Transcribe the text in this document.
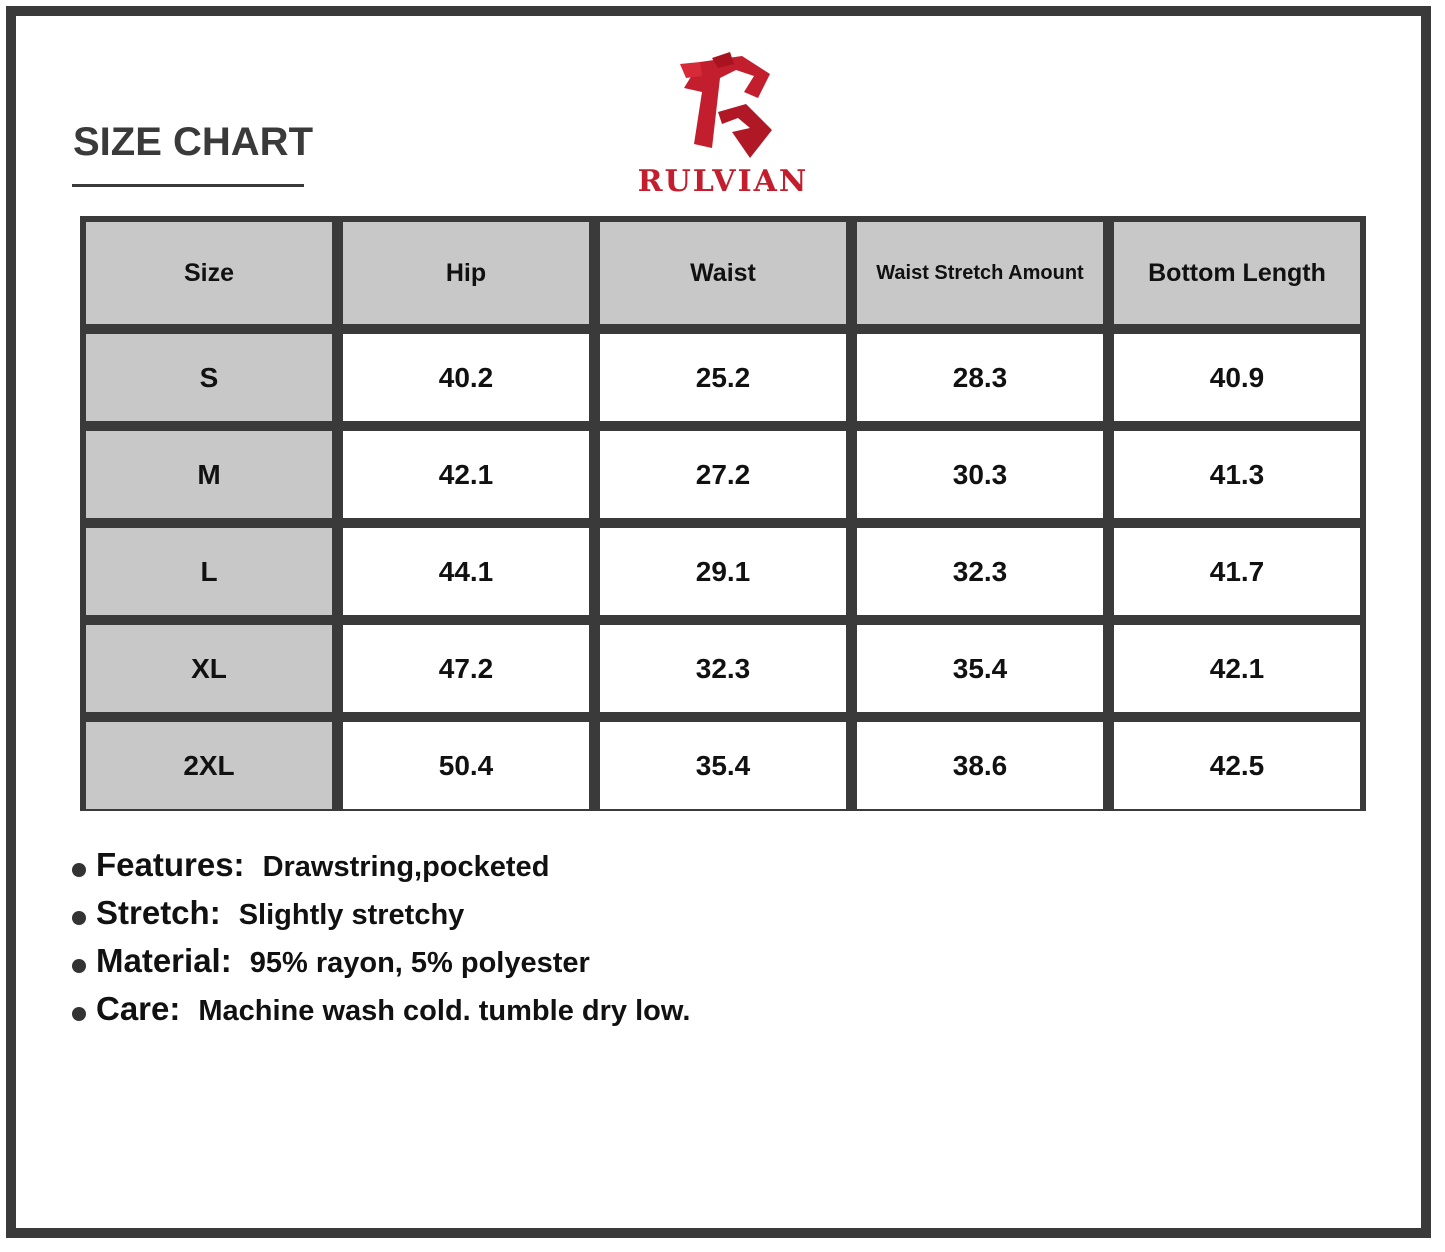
SIZE CHART
RULVIAN
Size	Hip	Waist	Waist Stretch Amount	Bottom Length
S	40.2	25.2	28.3	40.9
M	42.1	27.2	30.3	41.3
L	44.1	29.1	32.3	41.7
XL	47.2	32.3	35.4	42.1
2XL	50.4	35.4	38.6	42.5
Features: Drawstring,pocketed
Stretch: Slightly stretchy
Material: 95% rayon, 5% polyester
Care: Machine wash cold. tumble dry low.
